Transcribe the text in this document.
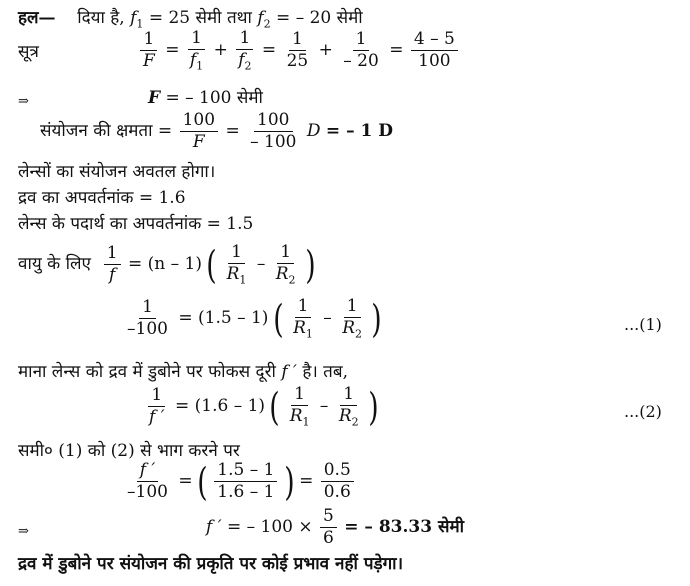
हल— दिया है, $f_1 = 25$ सेमी तथा $f_2$ = – 20 सेमी
सूत्र	$\frac{1}{F} = \frac{1}{f_1} + \frac{1}{f_2} = \frac{1}{25} + \frac{1}{- 20} = \frac{4 - 5}{100}$
⇒	F = – 100 सेमी
संयोजन की क्षमता = $\frac{100}{F} = \frac{100}{- 100}$ D = – 1 D
लेन्सों का संयोजन अवतल होगा।
द्रव का अपवर्तनांक = 1.6
लेन्स के पदार्थ का अपवर्तनांक = 1.5
वायु के लिए $\frac{1}{f} = (n - 1)$ ( $\frac{1}{R_1} - \frac{1}{R_2}$ )
$\frac{1}{-100} = (1.5 - 1)$ ( $\frac{1}{R_1} - \frac{1}{R_2}$ )	...(1)
माना लेन्स को द्रव में डुबोने पर फोकस दूरी f ′ है। तब,
$\frac{1}{f '} = (1.6 - 1)$ ( $\frac{1}{R_1} - \frac{1}{R_2}$ )	...(2)
समी० (1) को (2) से भाग करने पर
$\frac{f '}{-100}$ = ( $\frac{1.5 - 1}{1.6 - 1}$ ) = $\frac{0.5}{0.6}$
⇒	f ′ = – $100 \times \frac{5}{6}$ = – 83.33 सेमी
द्रव में डुबोने पर संयोजन की प्रकृति पर कोई प्रभाव नहीं पड़ेगा।
